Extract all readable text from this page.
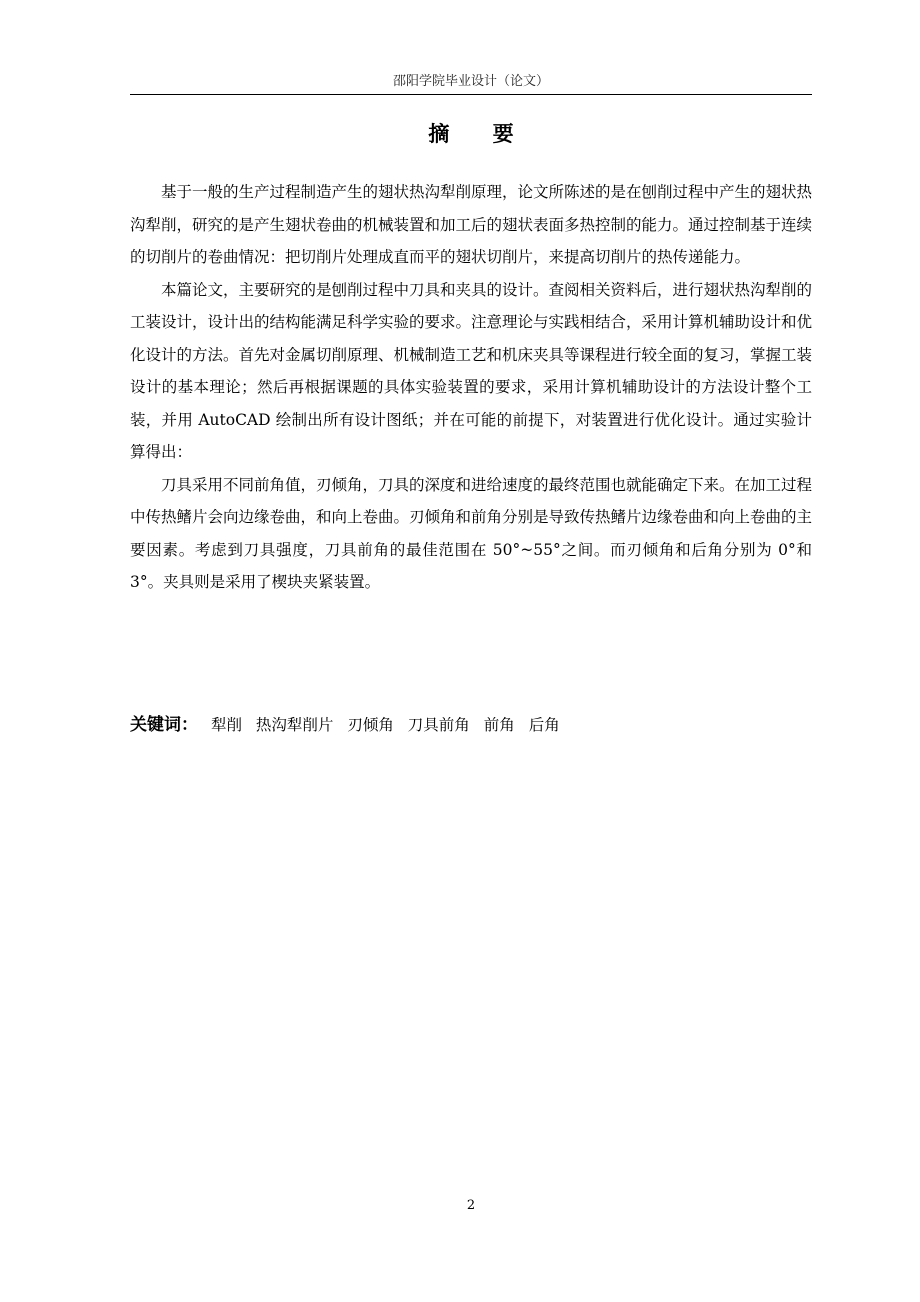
邵阳学院毕业设计（论文）
摘 要

基于一般的生产过程制造产生的翅状热沟犁削原理，论文所陈述的是在刨削过程中产生的翅状热沟犁削，研究的是产生翅状卷曲的机械装置和加工后的翅状表面多热控制的能力。通过控制基于连续的切削片的卷曲情况：把切削片处理成直而平的翅状切削片，来提高切削片的热传递能力。

本篇论文，主要研究的是刨削过程中刀具和夹具的设计。查阅相关资料后，进行翅状热沟犁削的工装设计，设计出的结构能满足科学实验的要求。注意理论与实践相结合，采用计算机辅助设计和优化设计的方法。首先对金属切削原理、机械制造工艺和机床夹具等课程进行较全面的复习，掌握工装设计的基本理论；然后再根据课题的具体实验装置的要求，采用计算机辅助设计的方法设计整个工装，并用 AutoCAD 绘制出所有设计图纸；并在可能的前提下，对装置进行优化设计。通过实验计算得出：

刀具采用不同前角值，刃倾角，刀具的深度和进给速度的最终范围也就能确定下来。在加工过程中传热鳍片会向边缘卷曲，和向上卷曲。刃倾角和前角分别是导致传热鳍片边缘卷曲和向上卷曲的主要因素。考虑到刀具强度，刀具前角的最佳范围在 50°~55°之间。而刃倾角和后角分别为 0°和 3°。夹具则是采用了楔块夹紧装置。

关键词： 犁削 热沟犁削片 刃倾角 刀具前角 前角 后角
2
